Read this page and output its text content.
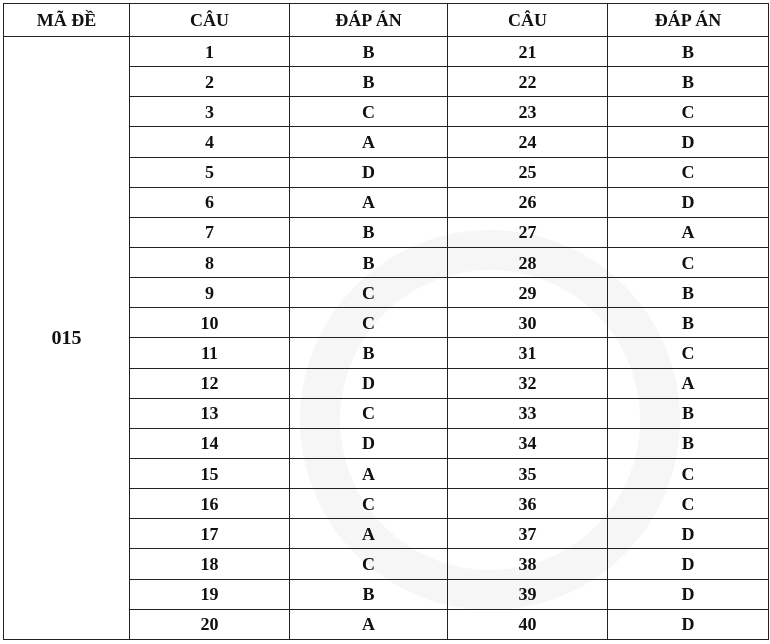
MÃ ĐỀ	CÂU	ĐÁP ÁN	CÂU	ĐÁP ÁN
015	1	B	21	B
	2	B	22	B
	3	C	23	C
	4	A	24	D
	5	D	25	C
	6	A	26	D
	7	B	27	A
	8	B	28	C
	9	C	29	B
	10	C	30	B
	11	B	31	C
	12	D	32	A
	13	C	33	B
	14	D	34	B
	15	A	35	C
	16	C	36	C
	17	A	37	D
	18	C	38	D
	19	B	39	D
	20	A	40	D
